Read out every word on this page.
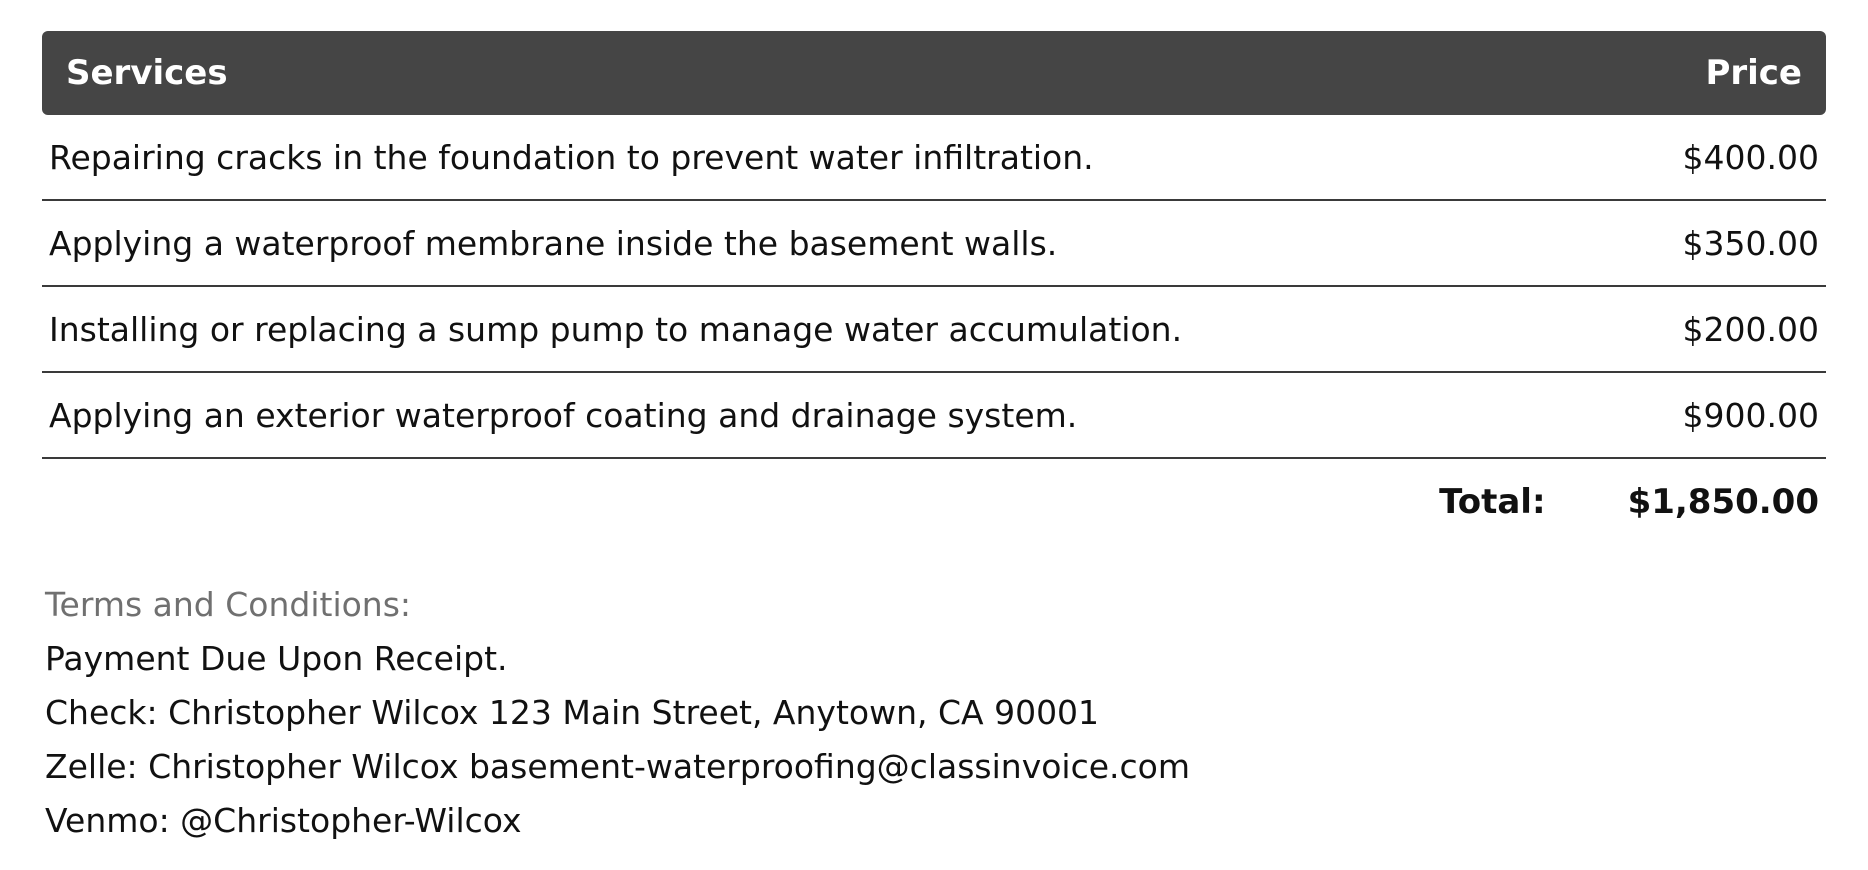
Services	Price
Repairing cracks in the foundation to prevent water infiltration.	$400.00
Applying a waterproof membrane inside the basement walls.	$350.00
Installing or replacing a sump pump to manage water accumulation.	$200.00
Applying an exterior waterproof coating and drainage system.	$900.00
Total: $1,850.00
Terms and Conditions:
Payment Due Upon Receipt.
Check: Christopher Wilcox 123 Main Street, Anytown, CA 90001
Zelle: Christopher Wilcox basement-waterproofing@classinvoice.com
Venmo: @Christopher-Wilcox
